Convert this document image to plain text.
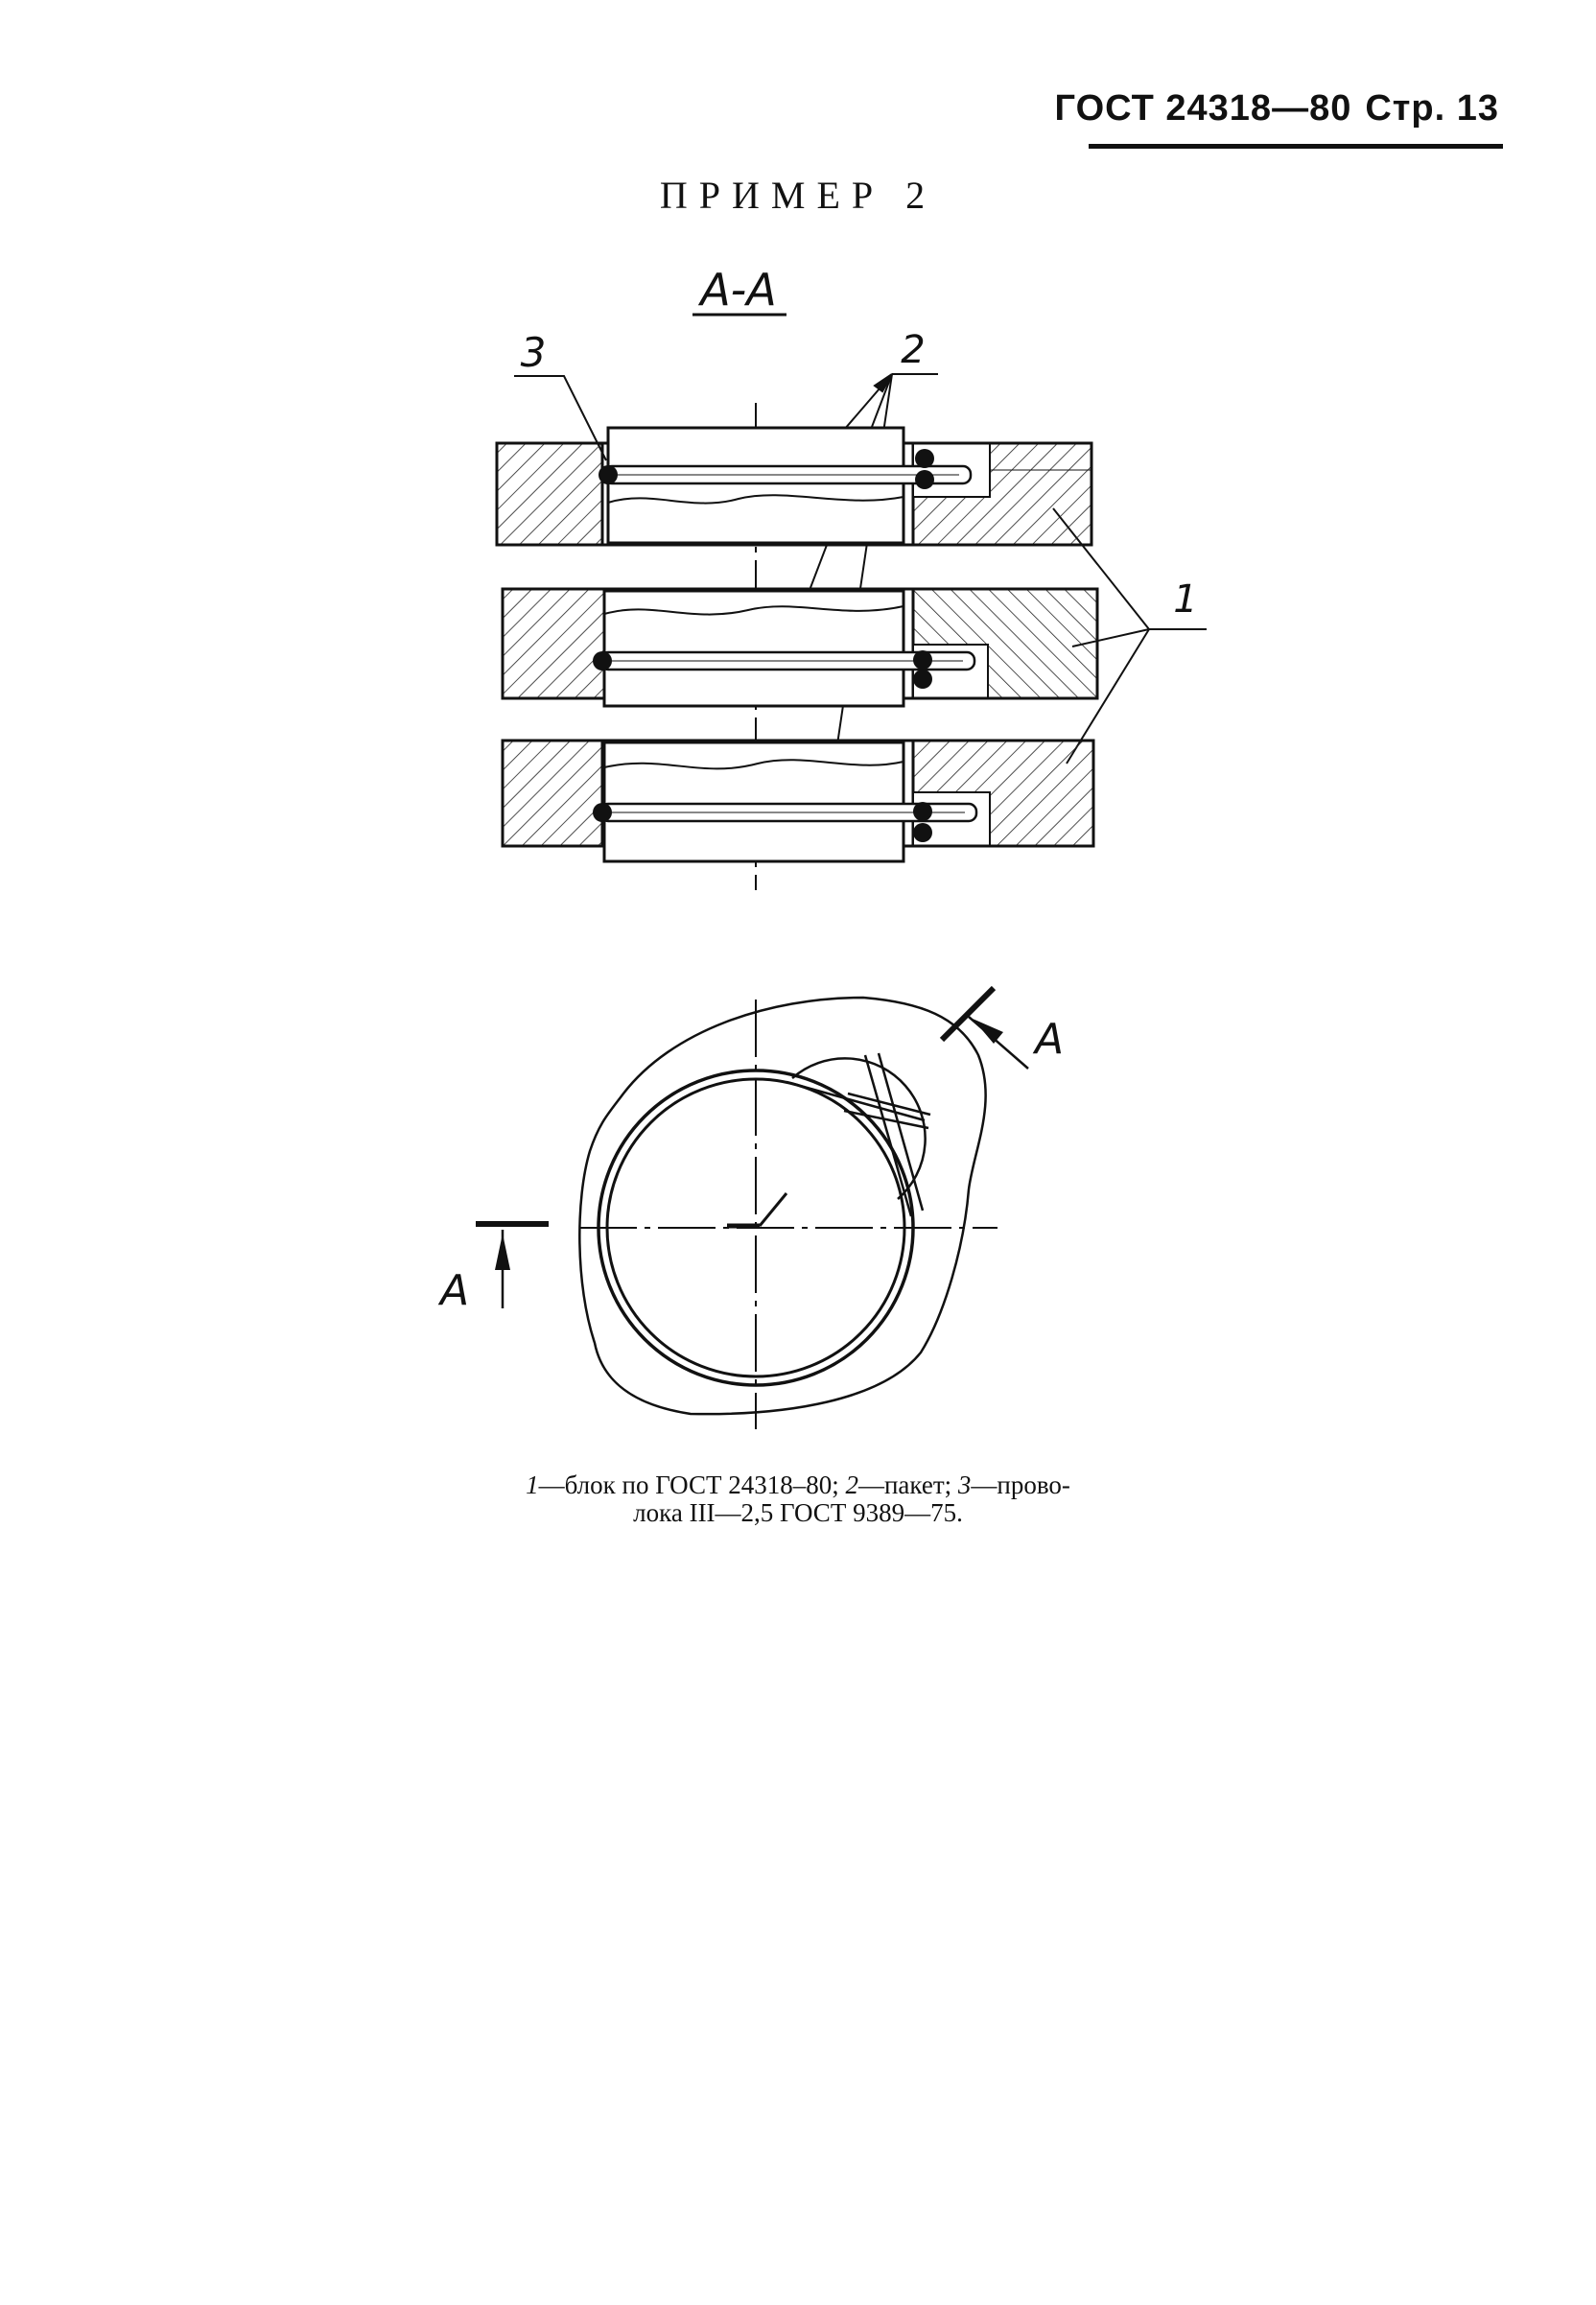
ГОСТ 24318—80 Стр. 13
ПРИМЕР 2
А-А
3	2
1
А
А
1—блок по ГОСТ 24318–80; 2—пакет; 3—прово-
лока III—2,5 ГОСТ 9389—75.
